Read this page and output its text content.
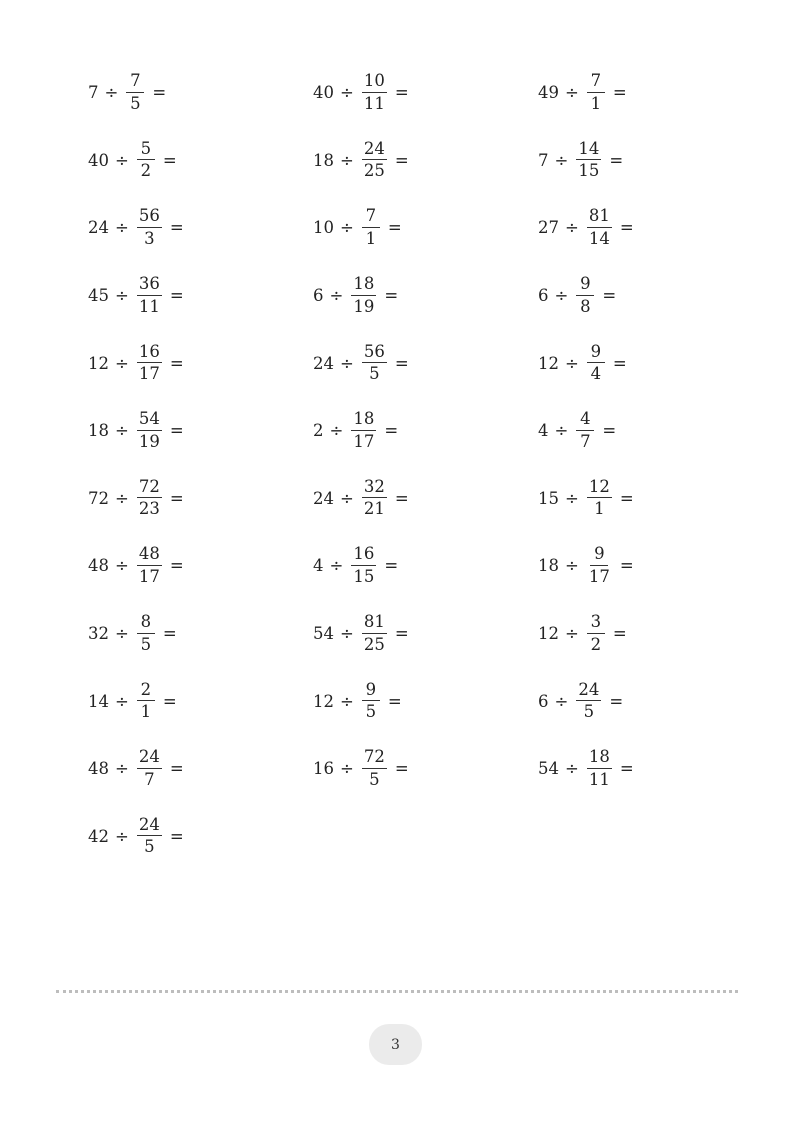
$7 \div \frac{7}{5}$ =	$40 \div \frac{10}{11}$ =	$49 \div \frac{7}{1}$ =
$40 \div \frac{5}{2}$ =	$18 \div \frac{24}{25}$ =	$7 \div \frac{14}{15}$ =
$24 \div \frac{56}{3}$ =	$10 \div \frac{7}{1}$ =	$27 \div \frac{81}{14}$ =
$45 \div \frac{36}{11}$ =	$6 \div \frac{18}{19}$ =	$6 \div \frac{9}{8}$ =
$12 \div \frac{16}{17}$ =	$24 \div \frac{56}{5}$ =	$12 \div \frac{9}{4}$ =
$18 \div \frac{54}{19}$ =	$2 \div \frac{18}{17}$ =	$4 \div \frac{4}{7}$ =
$72 \div \frac{72}{23}$ =	$24 \div \frac{32}{21}$ =	$15 \div \frac{12}{1}$ =
$48 \div \frac{48}{17}$ =	$4 \div \frac{16}{15}$ =	$18 \div \frac{9}{17}$ =
$32 \div \frac{8}{5}$ =	$54 \div \frac{81}{25}$ =	$12 \div \frac{3}{2}$ =
$14 \div \frac{2}{1}$ =	$12 \div \frac{9}{5}$ =	$6 \div \frac{24}{5}$ =
$48 \div \frac{24}{7}$ =	$16 \div \frac{72}{5}$ =	$54 \div \frac{18}{11}$ =
$42 \div \frac{24}{5}$ =
3
